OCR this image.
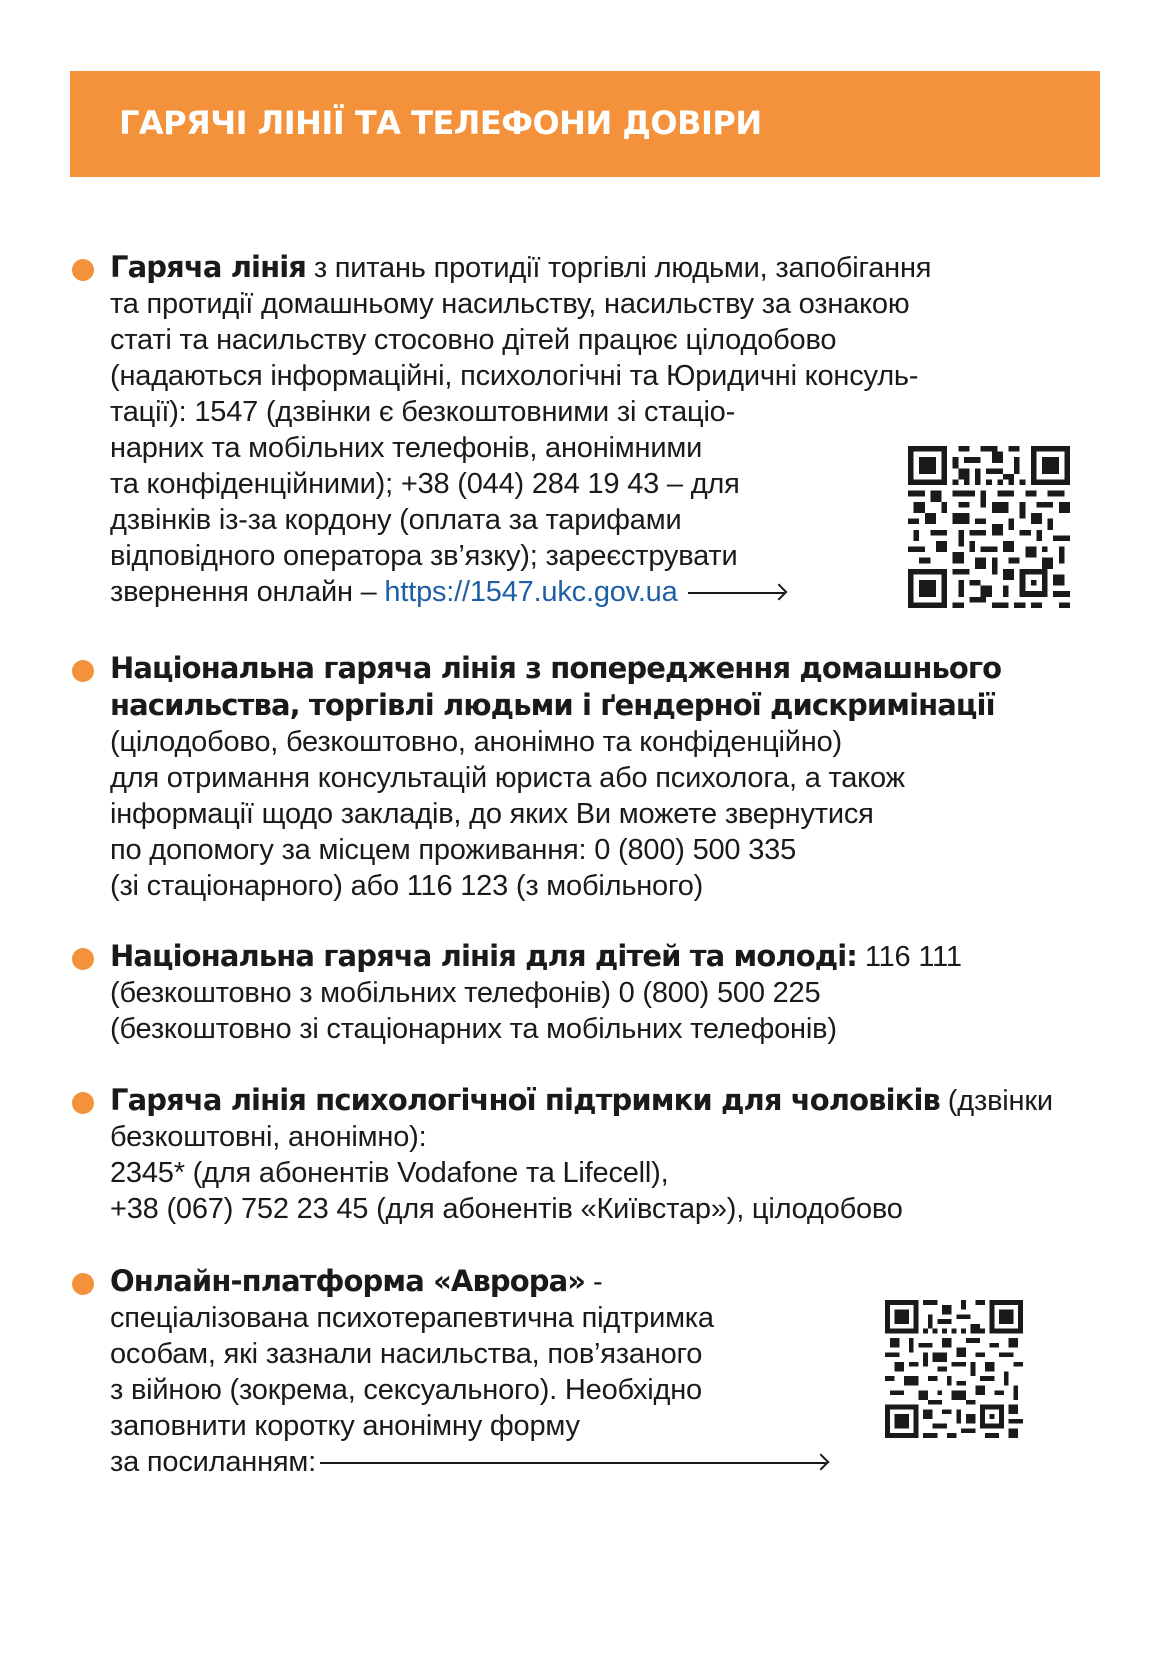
ГАРЯЧІ ЛІНІЇ ТА ТЕЛЕФОНИ ДОВІРИ

Гаряча лінія з питань протидії торгівлі людьми, запобігання
та протидії домашньому насильству, насильству за ознакою
статі та насильству стосовно дітей працює цілодобово
(надаються інформаційні, психологічні та Юридичні консуль-
тації): 1547 (дзвінки є безкоштовними зі стаціо-
нарних та мобільних телефонів, анонімними
та конфіденційними); +38 (044) 284 19 43 – для
дзвінків із-за кордону (оплата за тарифами
відповідного оператора зв’язку); зареєструвати
звернення онлайн – https://1547.ukc.gov.ua

Національна гаряча лінія з попередження домашнього
насильства, торгівлі людьми і ґендерної дискримінації
(цілодобово, безкоштовно, анонімно та конфіденційно)
для отримання консультацій юриста або психолога, а також
інформації щодо закладів, до яких Ви можете звернутися
по допомогу за місцем проживання: 0 (800) 500 335
(зі стаціонарного) або 116 123 (з мобільного)

Національна гаряча лінія для дітей та молоді: 116 111
(безкоштовно з мобільних телефонів) 0 (800) 500 225
(безкоштовно зі стаціонарних та мобільних телефонів)

Гаряча лінія психологічної підтримки для чоловіків (дзвінки
безкоштовні, анонімно):
2345* (для абонентів Vodafone та Lifecell),
+38 (067) 752 23 45 (для абонентів «Київстар»), цілодобово

Онлайн-платформа «Аврора» -
спеціалізована психотерапевтична підтримка
особам, які зазнали насильства, пов’язаного
з війною (зокрема, сексуального). Необхідно
заповнити коротку анонімну форму
за посиланням:
